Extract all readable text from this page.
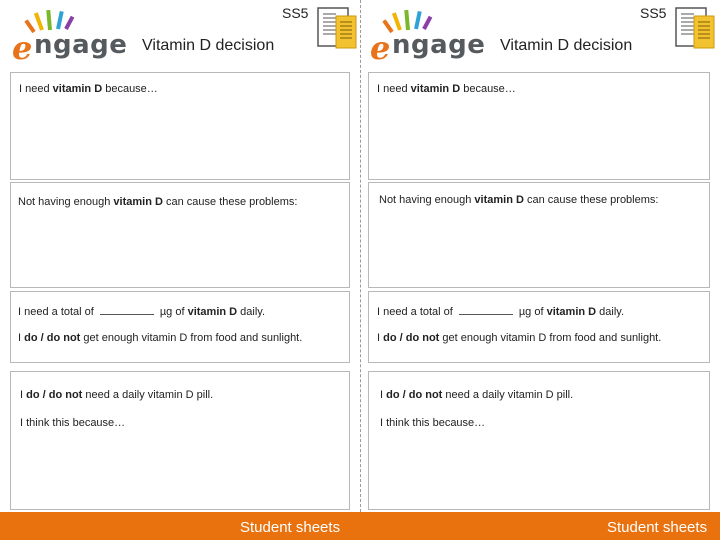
e ngage
SS5
Vitamin D decision
I need vitamin D because…
Not having enough vitamin D can cause these problems:
I need a total of	µg of vitamin D daily.
I do / do not get enough vitamin D from food and sunlight.
I do / do not need a daily vitamin D pill.
I think this because…
e ngage
SS5
Vitamin D decision
I need vitamin D because…
Not having enough vitamin D can cause these problems:
I need a total of	µg of vitamin D daily.
I do / do not get enough vitamin D from food and sunlight.
I do / do not need a daily vitamin D pill.
I think this because…
Student sheets	Student sheets
